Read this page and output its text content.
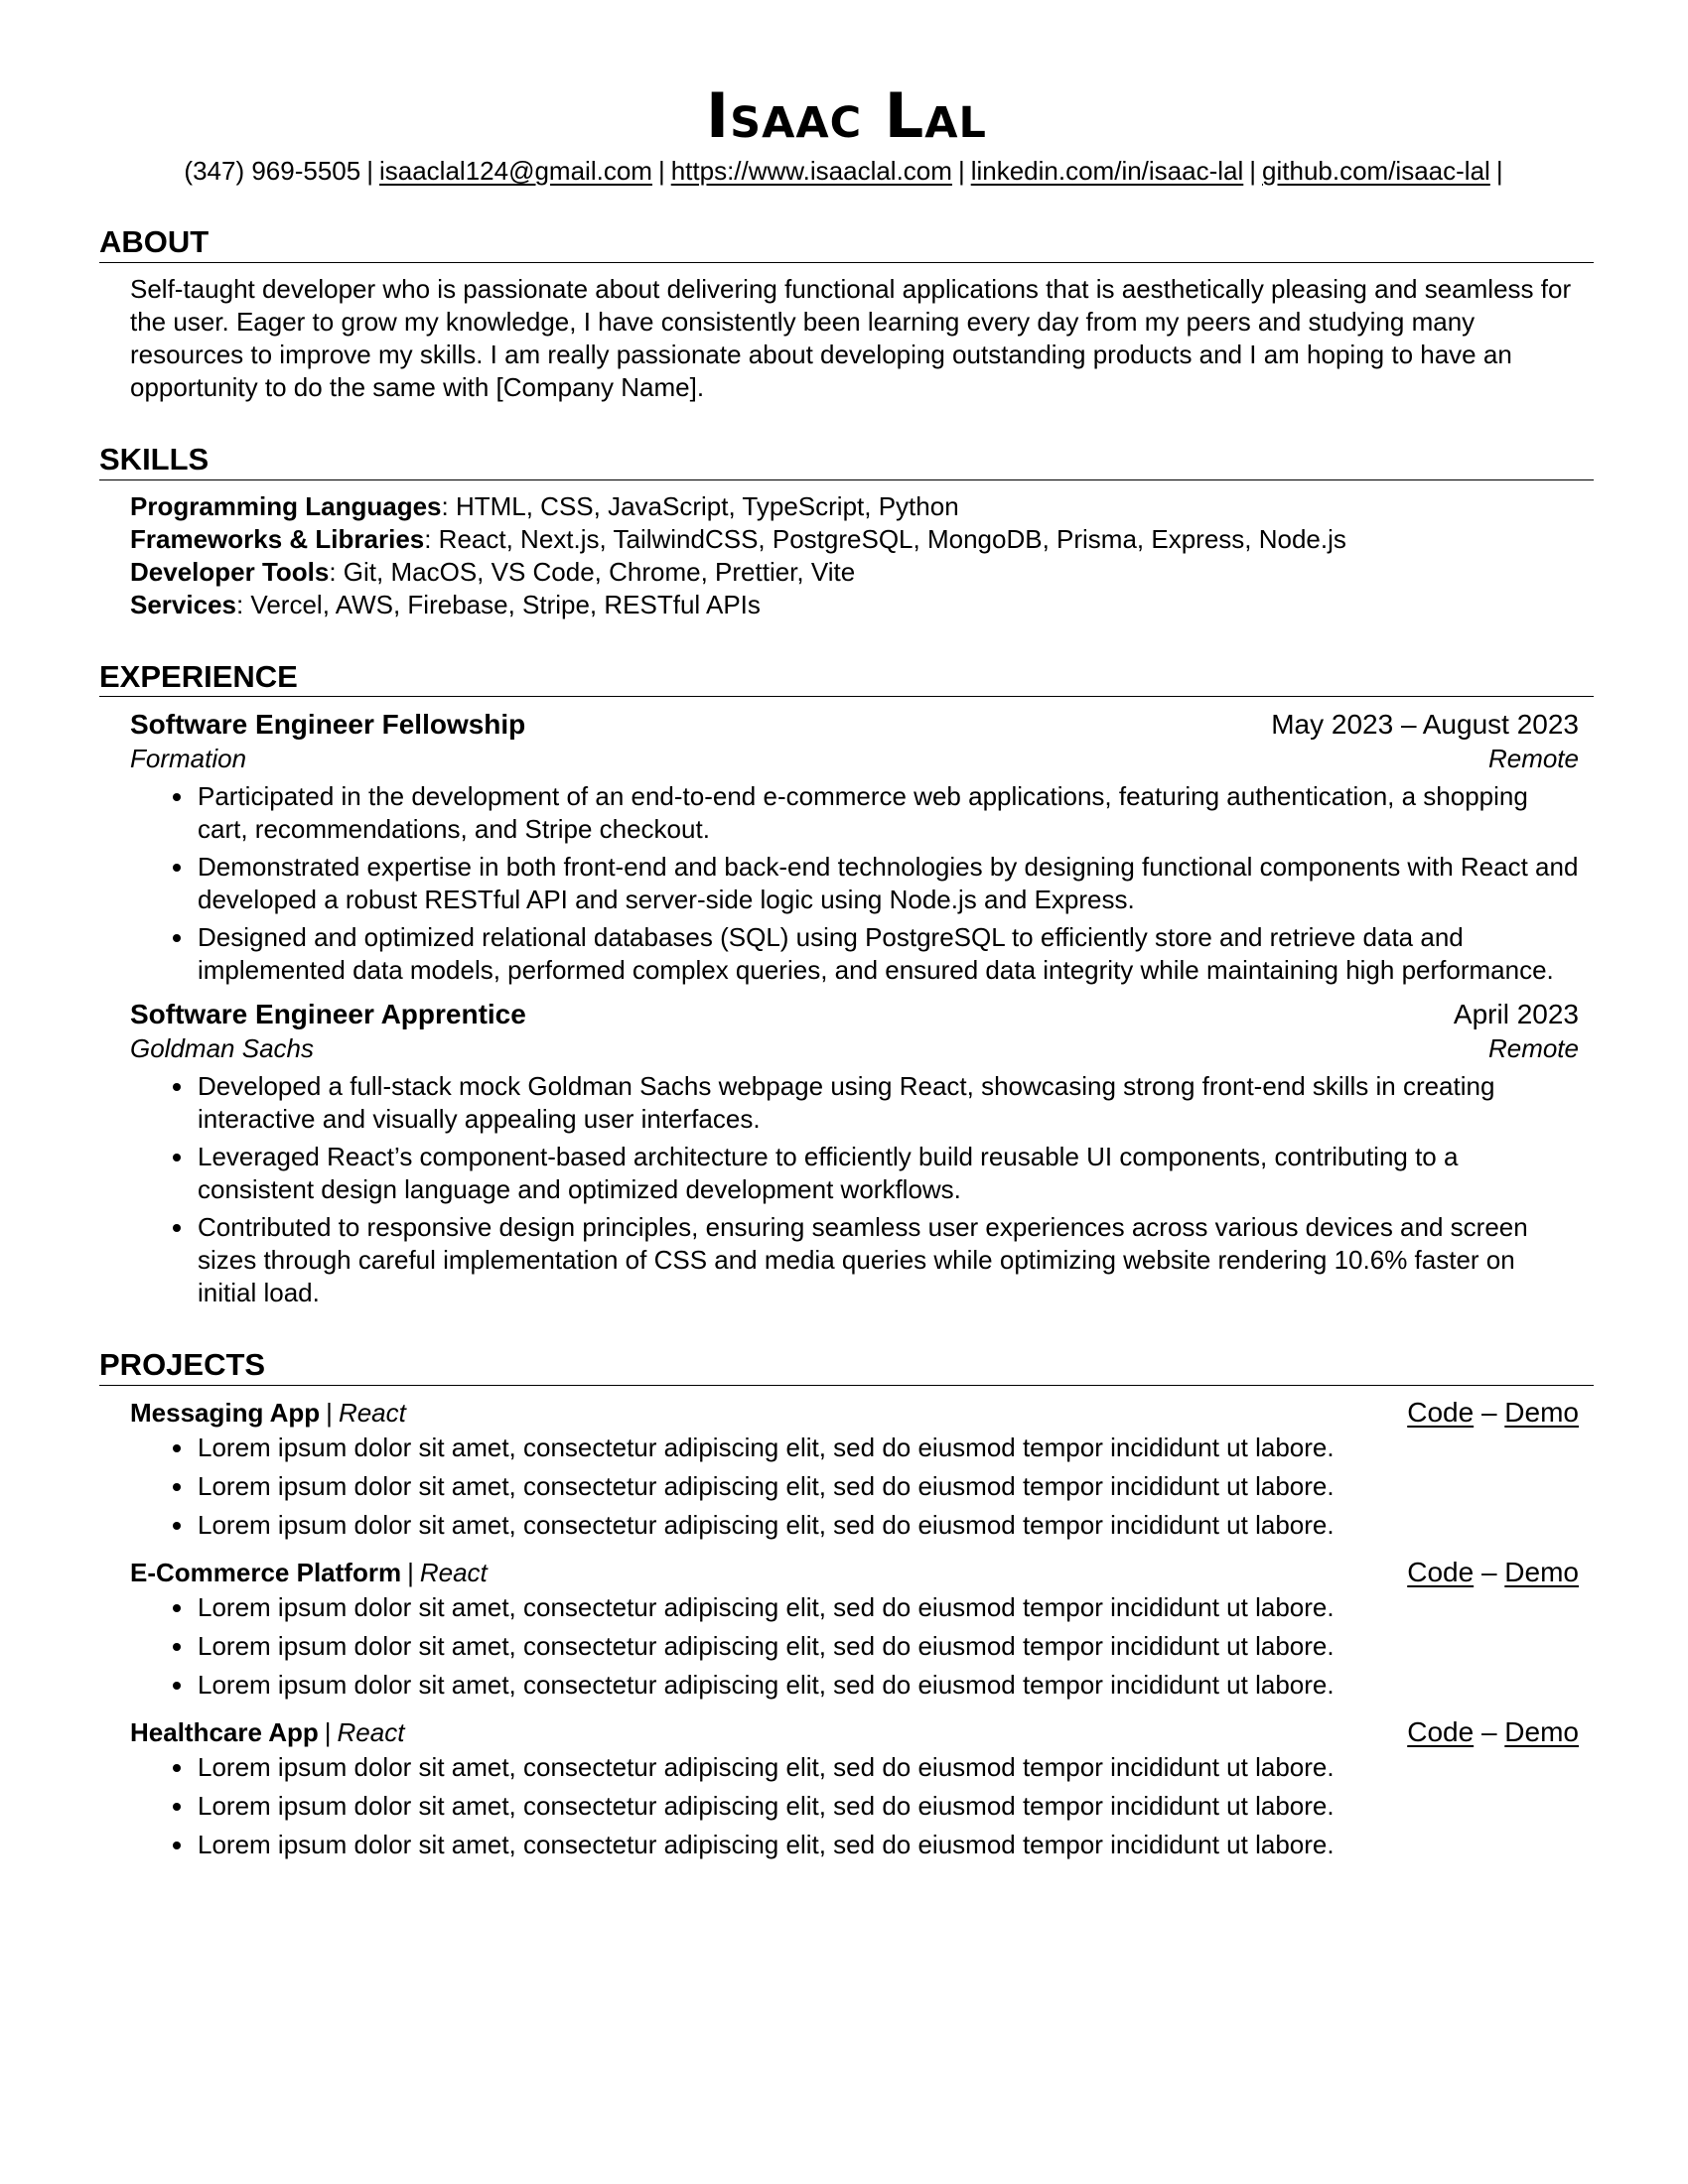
Isaac Lal
(347) 969-5505 | isaaclal124@gmail.com | https://www.isaaclal.com | linkedin.com/in/isaac-lal | github.com/isaac-lal |
ABOUT

Self-taught developer who is passionate about delivering functional applications that is aesthetically pleasing and seamless for the user. Eager to grow my knowledge, I have consistently been learning every day from my peers and studying many resources to improve my skills. I am really passionate about developing outstanding products and I am hoping to have an opportunity to do the same with [Company Name].

SKILLS
Programming Languages: HTML, CSS, JavaScript, TypeScript, Python
Frameworks & Libraries: React, Next.js, TailwindCSS, PostgreSQL, MongoDB, Prisma, Express, Node.js
Developer Tools: Git, MacOS, VS Code, Chrome, Prettier, Vite
Services: Vercel, AWS, Firebase, Stripe, RESTful APIs
EXPERIENCE
Software Engineer Fellowship	May 2023 – August 2023
Formation	Remote
• Participated in the development of an end-to-end e-commerce web applications, featuring authentication, a shopping cart, recommendations, and Stripe checkout.
• Demonstrated expertise in both front-end and back-end technologies by designing functional components with React and developed a robust RESTful API and server-side logic using Node.js and Express.
• Designed and optimized relational databases (SQL) using PostgreSQL to efficiently store and retrieve data and implemented data models, performed complex queries, and ensured data integrity while maintaining high performance.
Software Engineer Apprentice	April 2023
Goldman Sachs	Remote
• Developed a full-stack mock Goldman Sachs webpage using React, showcasing strong front-end skills in creating interactive and visually appealing user interfaces.
• Leveraged React’s component-based architecture to efficiently build reusable UI components, contributing to a consistent design language and optimized development workflows.
• Contributed to responsive design principles, ensuring seamless user experiences across various devices and screen sizes through careful implementation of CSS and media queries while optimizing website rendering 10.6% faster on initial load.
PROJECTS
Messaging App | React	Code – Demo
• Lorem ipsum dolor sit amet, consectetur adipiscing elit, sed do eiusmod tempor incididunt ut labore.
• Lorem ipsum dolor sit amet, consectetur adipiscing elit, sed do eiusmod tempor incididunt ut labore.
• Lorem ipsum dolor sit amet, consectetur adipiscing elit, sed do eiusmod tempor incididunt ut labore.
E-Commerce Platform | React	Code – Demo
• Lorem ipsum dolor sit amet, consectetur adipiscing elit, sed do eiusmod tempor incididunt ut labore.
• Lorem ipsum dolor sit amet, consectetur adipiscing elit, sed do eiusmod tempor incididunt ut labore.
• Lorem ipsum dolor sit amet, consectetur adipiscing elit, sed do eiusmod tempor incididunt ut labore.
Healthcare App | React	Code – Demo
• Lorem ipsum dolor sit amet, consectetur adipiscing elit, sed do eiusmod tempor incididunt ut labore.
• Lorem ipsum dolor sit amet, consectetur adipiscing elit, sed do eiusmod tempor incididunt ut labore.
• Lorem ipsum dolor sit amet, consectetur adipiscing elit, sed do eiusmod tempor incididunt ut labore.
